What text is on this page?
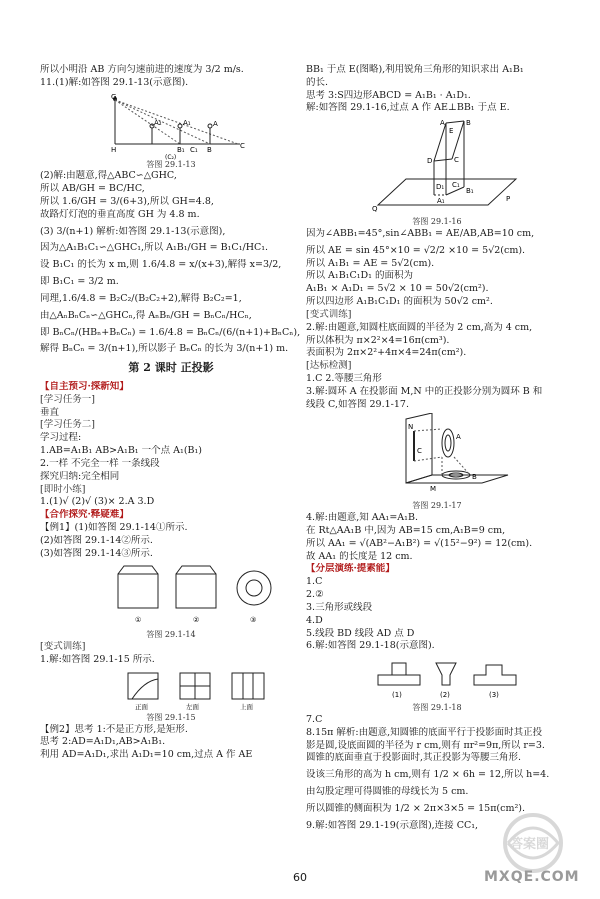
所以小明沿 AB 方向匀速前进的速度为 3/2 m/s.
11.(1)解:如答图 29.1-13(示意图).
G
A
A₁
A₂
H	B
B₁ C₁	C
(C₂)
答图 29.1-13
(2)解:由题意,得△ABC∽△GHC,
所以 AB/GH = BC/HC,
所以 1.6/GH = 3/(6+3),所以 GH=4.8,
故路灯灯泡的垂直高度 GH 为 4.8 m.
(3) 3/(n+1) 解析:如答图 29.1-13(示意图),
因为△A₁B₁C₁∽△GHC₁,所以 A₁B₁/GH = B₁C₁/HC₁.
设 B₁C₁ 的长为 x m,则 1.6/4.8 = x/(x+3),解得 x=3/2,
即 B₁C₁ = 3/2 m.
同理,1.6/4.8 = B₂C₂/(B₂C₂+2),解得 B₂C₂=1,
由△AₙBₙCₙ∽△GHCₙ,得 AₙBₙ/GH = BₙCₙ/HCₙ,
即 BₙCₙ/(HBₙ+BₙCₙ) = 1.6/4.8 = BₙCₙ/(6/(n+1)+BₙCₙ),
解得 BₙCₙ = 3/(n+1),所以影子 BₙCₙ 的长为 3/(n+1) m.
第 2 课时 正投影
【自主预习·探新知】
[学习任务一]
垂直
[学习任务二]
学习过程:
1.AB=A₁B₁ AB>A₁B₁ 一个点 A₁(B₁)
2.一样 不完全一样 一条线段
探究归纳:完全相同
[即时小练]
1.(1)√ (2)√ (3)× 2.A 3.D
【合作探究·释疑难】
【例1】(1)如答图 29.1-14①所示.
(2)如答图 29.1-14②所示.
(3)如答图 29.1-14③所示.
①	②	③
答图 29.1-14
[变式训练]
1.解:如答图 29.1-15 所示.
正面	左面	上面
答图 29.1-15
【例2】思考 1:不是正方形,是矩形.
思考 2:AD=A₁D₁,AB>A₁B₁.
利用 AD=A₁D₁,求出 A₁D₁=10 cm,过点 A 作 AE
BB₁ 于点 E(图略),利用锐角三角形的知识求出 A₁B₁
的长.
思考 3:S四边形ABCD = A₁B₁ · A₁D₁.
解:如答图 29.1-16,过点 A 作 AE⊥BB₁ 于点 E.
A	B
C
D
E
A₁
B₁
C₁
D₁
P
Q
答图 29.1-16
因为∠ABB₁=45°,sin∠ABB₁ = AE/AB,AB=10 cm,
所以 AE = sin 45°×10 = √2/2 ×10 = 5√2(cm).
所以 A₁B₁ = AE = 5√2(cm).
所以 A₁B₁C₁D₁ 的面积为
A₁B₁ × A₁D₁ = 5√2 × 10 = 50√2(cm²).
所以四边形 A₁B₁C₁D₁ 的面积为 50√2 cm².
[变式训练]
2.解:由题意,知圆柱底面圆的半径为 2 cm,高为 4 cm,
所以体积为 π×2²×4=16π(cm³).
表面积为 2π×2²+4π×4=24π(cm²).
[达标检测]
1.C 2.等腰三角形
3.解:圆环 A 在投影面 M,N 中的正投影分别为圆环 B 和
线段 C,如答图 29.1-17.
A
B
C
M
N
答图 29.1-17
4.解:由题意,知 AA₁=A₁B.
在 Rt△AA₁B 中,因为 AB=15 cm,A₁B=9 cm,
所以 AA₁ = √(AB²−A₁B²) = √(15²−9²) = 12(cm).
故 AA₁ 的长度是 12 cm.
【分层演练·提素能】
1.C
2.②
3.三角形或线段
4.D
5.线段 BD 线段 AD 点 D
6.解:如答图 29.1-18(示意图).
(1)	(2)	(3)
答图 29.1-18
7.C
8.15π 解析:由题意,知圆锥的底面平行于投影面时其正投
影是圆,设底面圆的半径为 r cm,则有 πr²=9π,所以 r=3.
圆锥的底面垂直于投影面时,其正投影为等腰三角形.
设该三角形的高为 h cm,则有 1/2 × 6h = 12,所以 h=4.
由勾股定理可得圆锥的母线长为 5 cm.
所以圆锥的侧面积为 1/2 × 2π×3×5 = 15π(cm²).
9.解:如答图 29.1-19(示意图),连接 CC₁,
60
答案圈
MXQE.COM
